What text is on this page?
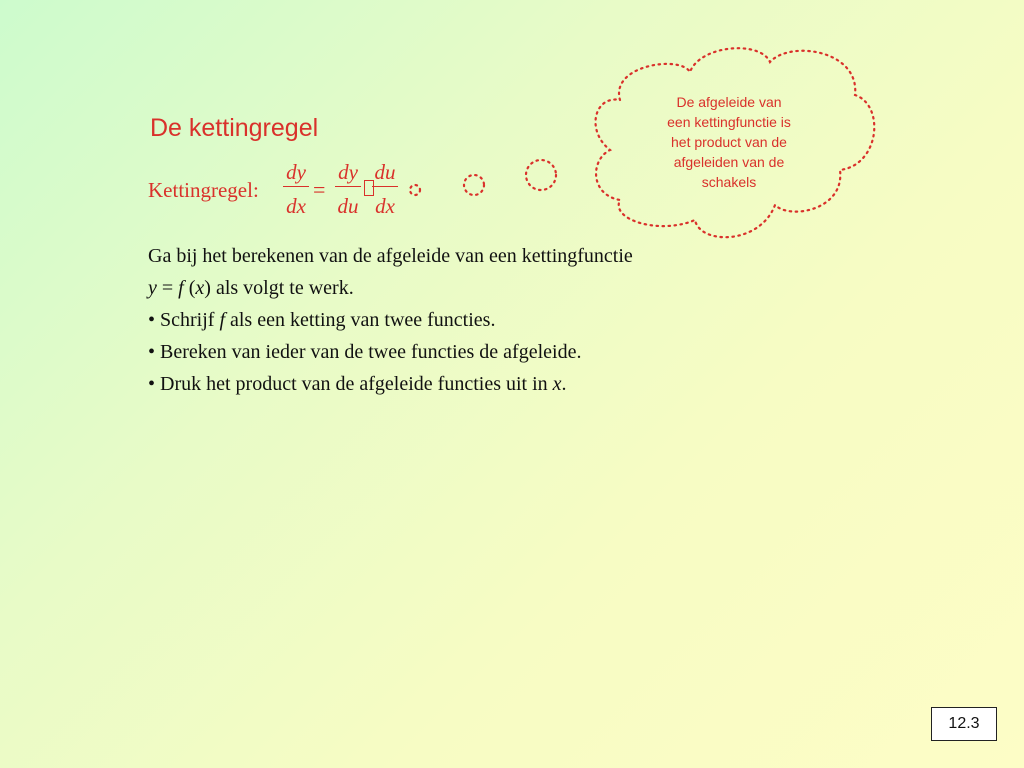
De kettingregel
Kettingregel:
dy
dx
=
dy
du
du
dx
Ga bij het berekenen van de afgeleide van een kettingfunctie
y = f (x) als volgt te werk.
• Schrijf f als een ketting van twee functies.
• Bereken van ieder van de twee functies de afgeleide.
• Druk het product van de afgeleide functies uit in x.
De afgeleide van
een kettingfunctie is
het product van de
afgeleiden van de
schakels
12.3
